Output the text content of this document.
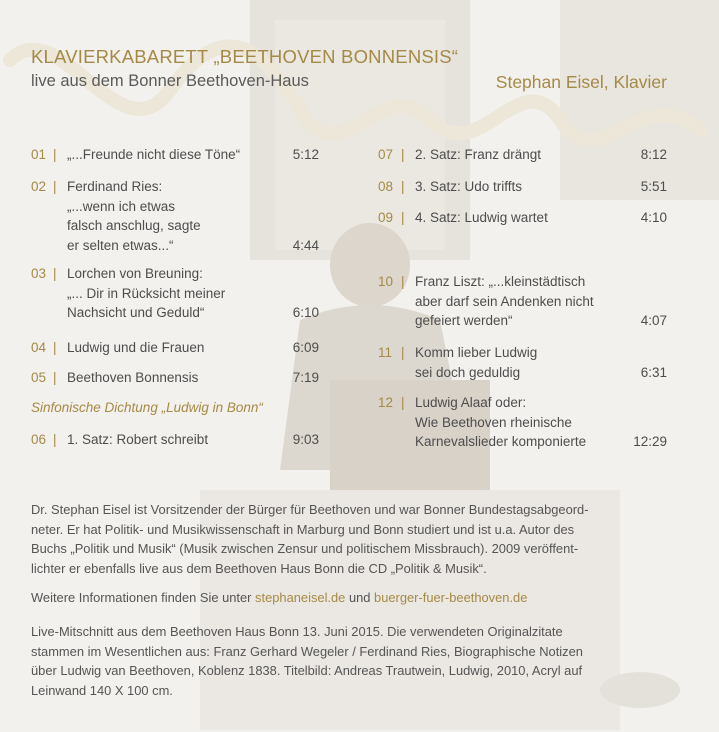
KLAVIERKABARETT „BEETHOVEN BONNENSIS“
live aus dem Bonner Beethoven-Haus	Stephan Eisel, Klavier
01 | „...Freunde nicht diese Töne“	5:12
02 | Ferdinand Ries:
„...wenn ich etwas
falsch anschlug, sagte
er selten etwas...“	4:44
03 | Lorchen von Breuning:
„... Dir in Rücksicht meiner
Nachsicht und Geduld“	6:10
04 | Ludwig und die Frauen	6:09
05 | Beethoven Bonnensis	7:19
06 | 1. Satz: Robert schreibt	9:03
Sinfonische Dichtung „Ludwig in Bonn“
07 | 2. Satz: Franz drängt	8:12
08 | 3. Satz: Udo triffts	5:51
09 | 4. Satz: Ludwig wartet	4:10
10 | Franz Liszt: „...kleinstädtisch
aber darf sein Andenken nicht
gefeiert werden“	4:07
11 | Komm lieber Ludwig
sei doch geduldig	6:31
12 | Ludwig Alaaf oder:
Wie Beethoven rheinische
Karnevalslieder komponierte	12:29
Dr. Stephan Eisel ist Vorsitzender der Bürger für Beethoven und war Bonner Bundestagsabgeord-
neter. Er hat Politik- und Musikwissenschaft in Marburg und Bonn studiert und ist u.a. Autor des
Buchs „Politik und Musik“ (Musik zwischen Zensur und politischem Missbrauch). 2009 veröffent-
lichter er ebenfalls live aus dem Beethoven Haus Bonn die CD „Politik & Musik“.
Weitere Informationen finden Sie unter stephaneisel.de und buerger-fuer-beethoven.de
Live-Mitschnitt aus dem Beethoven Haus Bonn 13. Juni 2015. Die verwendeten Originalzitate
stammen im Wesentlichen aus: Franz Gerhard Wegeler / Ferdinand Ries, Biographische Notizen
über Ludwig van Beethoven, Koblenz 1838. Titelbild: Andreas Trautwein, Ludwig, 2010, Acryl auf
Leinwand 140 X 100 cm.
